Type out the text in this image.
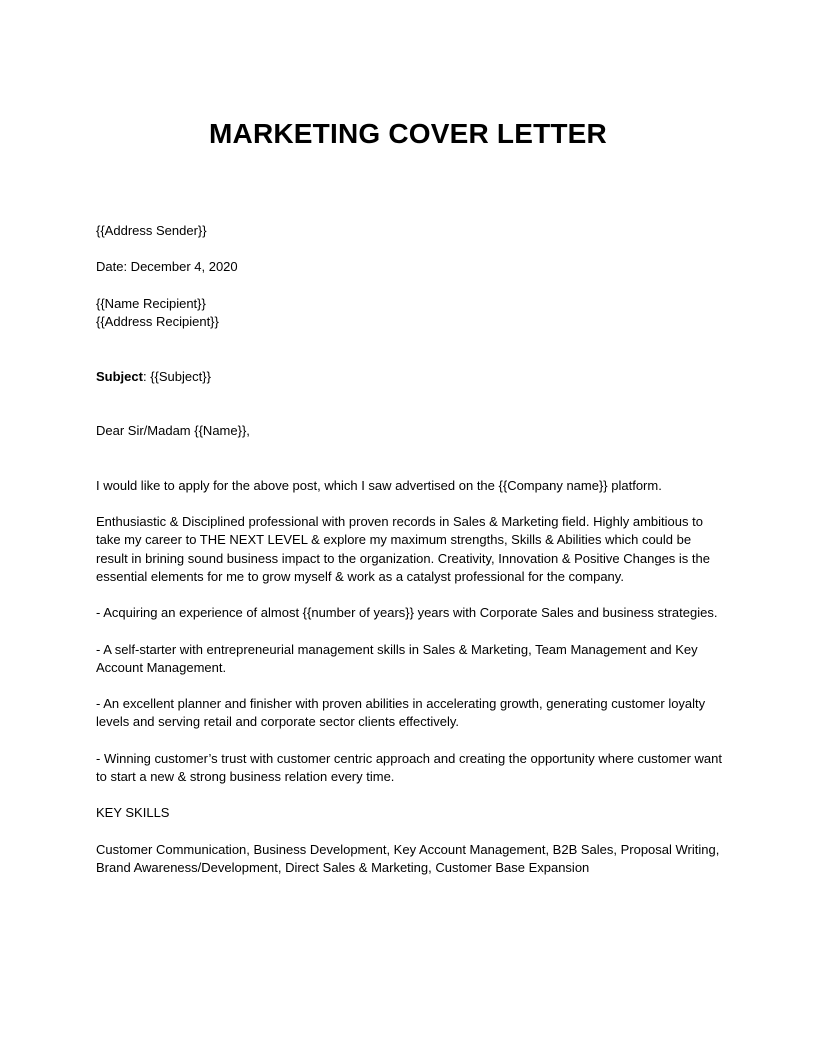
MARKETING COVER LETTER

{{Address Sender}}

Date: December 4, 2020

{{Name Recipient}}

{{Address Recipient}}

Subject: {{Subject}}

Dear Sir/Madam {{Name}},

I would like to apply for the above post, which I saw advertised on the {{Company name}} platform.

Enthusiastic & Disciplined professional with proven records in Sales & Marketing field. Highly ambitious to take my career to THE NEXT LEVEL & explore my maximum strengths, Skills & Abilities which could be result in brining sound business impact to the organization. Creativity, Innovation & Positive Changes is the essential elements for me to grow myself & work as a catalyst professional for the company.

- Acquiring an experience of almost {{number of years}} years with Corporate Sales and business strategies.

- A self-starter with entrepreneurial management skills in Sales & Marketing, Team Management and Key Account Management.

- An excellent planner and finisher with proven abilities in accelerating growth, generating customer loyalty levels and serving retail and corporate sector clients effectively.

- Winning customer’s trust with customer centric approach and creating the opportunity where customer want to start a new & strong business relation every time.

KEY SKILLS

Customer Communication, Business Development, Key Account Management, B2B Sales, Proposal Writing, Brand Awareness/Development, Direct Sales & Marketing, Customer Base Expansion
